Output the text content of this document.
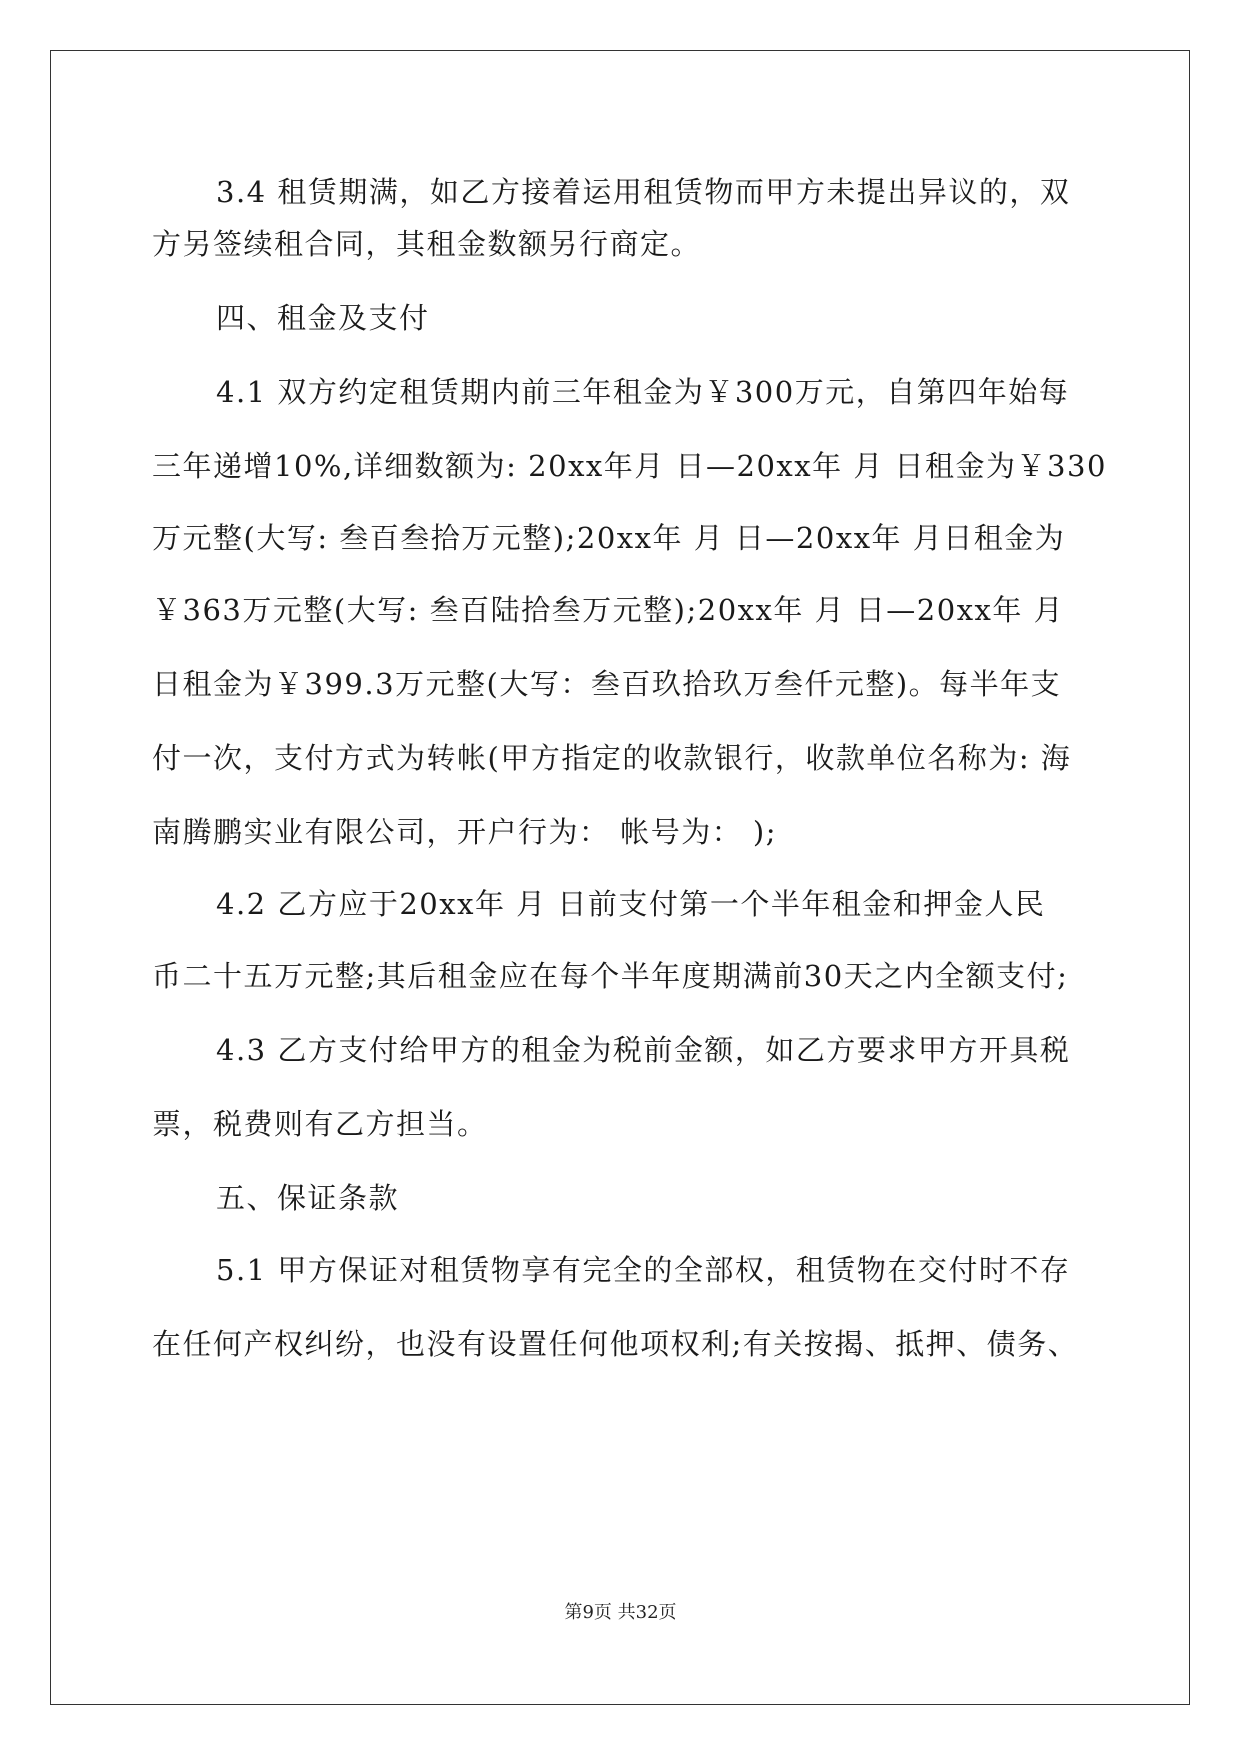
3.4 租赁期满，如乙方接着运用租赁物而甲方未提出异议的，双
方另签续租合同，其租金数额另行商定。
四、租金及支付
4.1 双方约定租赁期内前三年租金为￥300万元，自第四年始每
三年递增10%,详细数额为: 20xx年月 日—20xx年 月 日租金为￥330
万元整(大写: 叁百叁拾万元整);20xx年 月 日—20xx年 月日租金为
￥363万元整(大写: 叁百陆拾叁万元整);20xx年 月 日—20xx年 月
日租金为￥399.3万元整(大写：叁百玖拾玖万叁仟元整)。每半年支
付一次，支付方式为转帐(甲方指定的收款银行，收款单位名称为: 海
南腾鹏实业有限公司，开户行为： 帐号为： );
4.2 乙方应于20xx年 月 日前支付第一个半年租金和押金人民
币二十五万元整;其后租金应在每个半年度期满前30天之内全额支付;
4.3 乙方支付给甲方的租金为税前金额，如乙方要求甲方开具税
票，税费则有乙方担当。
五、保证条款
5.1 甲方保证对租赁物享有完全的全部权，租赁物在交付时不存
在任何产权纠纷，也没有设置任何他项权利;有关按揭、抵押、债务、
第9页 共32页
